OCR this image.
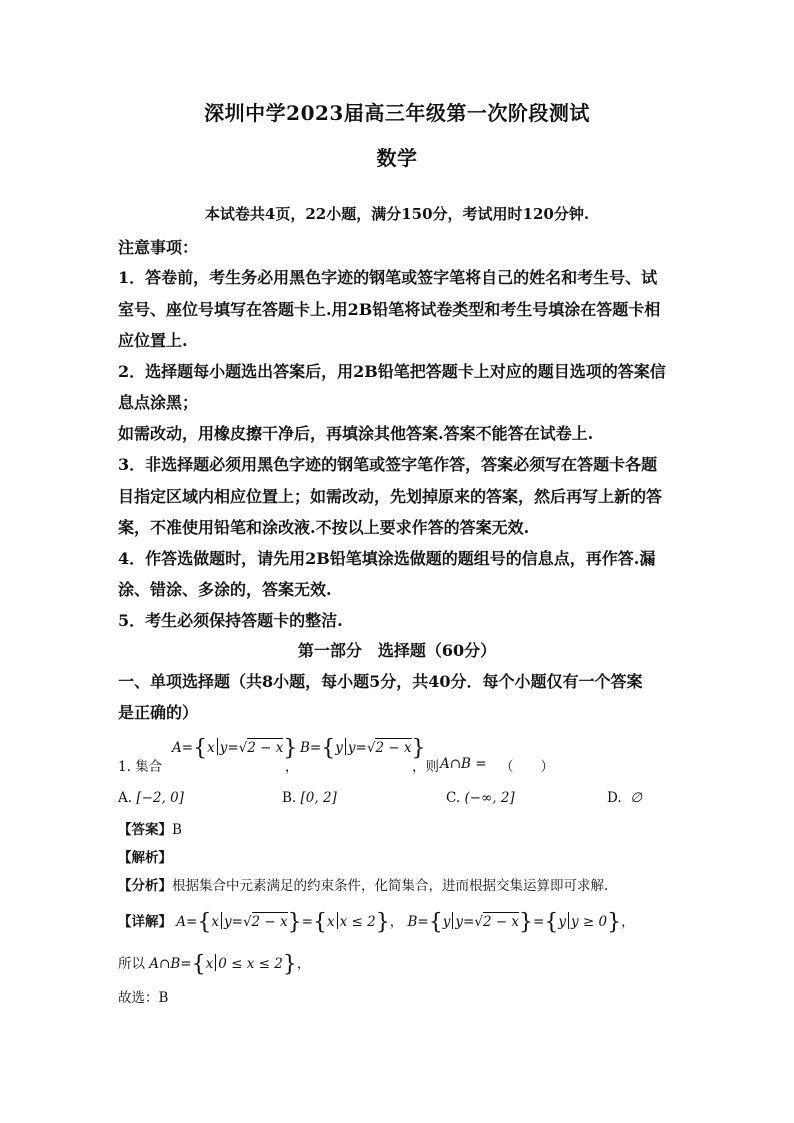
深圳中学2023届高三年级第一次阶段测试
数学
本试卷共4页，22小题，满分150分，考试用时120分钟.
注意事项：
1．答卷前，考生务必用黑色字迹的钢笔或签字笔将自己的姓名和考生号、试
室号、座位号填写在答题卡上.用2B铅笔将试卷类型和考生号填涂在答题卡相
应位置上.
2．选择题每小题选出答案后，用2B铅笔把答题卡上对应的题目选项的答案信
息点涂黑；
如需改动，用橡皮擦干净后，再填涂其他答案.答案不能答在试卷上.
3．非选择题必须用黑色字迹的钢笔或签字笔作答，答案必须写在答题卡各题
目指定区域内相应位置上；如需改动，先划掉原来的答案，然后再写上新的答
案，不准使用铅笔和涂改液.不按以上要求作答的答案无效.
4．作答选做题时，请先用2B铅笔填涂选做题的题组号的信息点，再作答.漏
涂、错涂、多涂的，答案无效.
5．考生必须保持答题卡的整洁.
第一部分　选择题（60分）
一、单项选择题（共8小题，每小题5分，共40分．每个小题仅有一个答案
是正确的）
1. 集合
A={x y=√2 − x}
，
B={y y=√2 − x}
，则 A∩B = （　　）
A. [−2, 0]	B. [0, 2]	C. (−∞, 2]	D. ∅
【答案】B
【解析】
【分析】根据集合中元素满足的约束条件，化简集合，进而根据交集运算即可求解.
【详解】 A={x y=√2 − x}={x x ≤ 2}， B={y y=√2 − x}={y y ≥ 0}，
所以 A∩B={x 0 ≤ x ≤ 2}，
故选：B
